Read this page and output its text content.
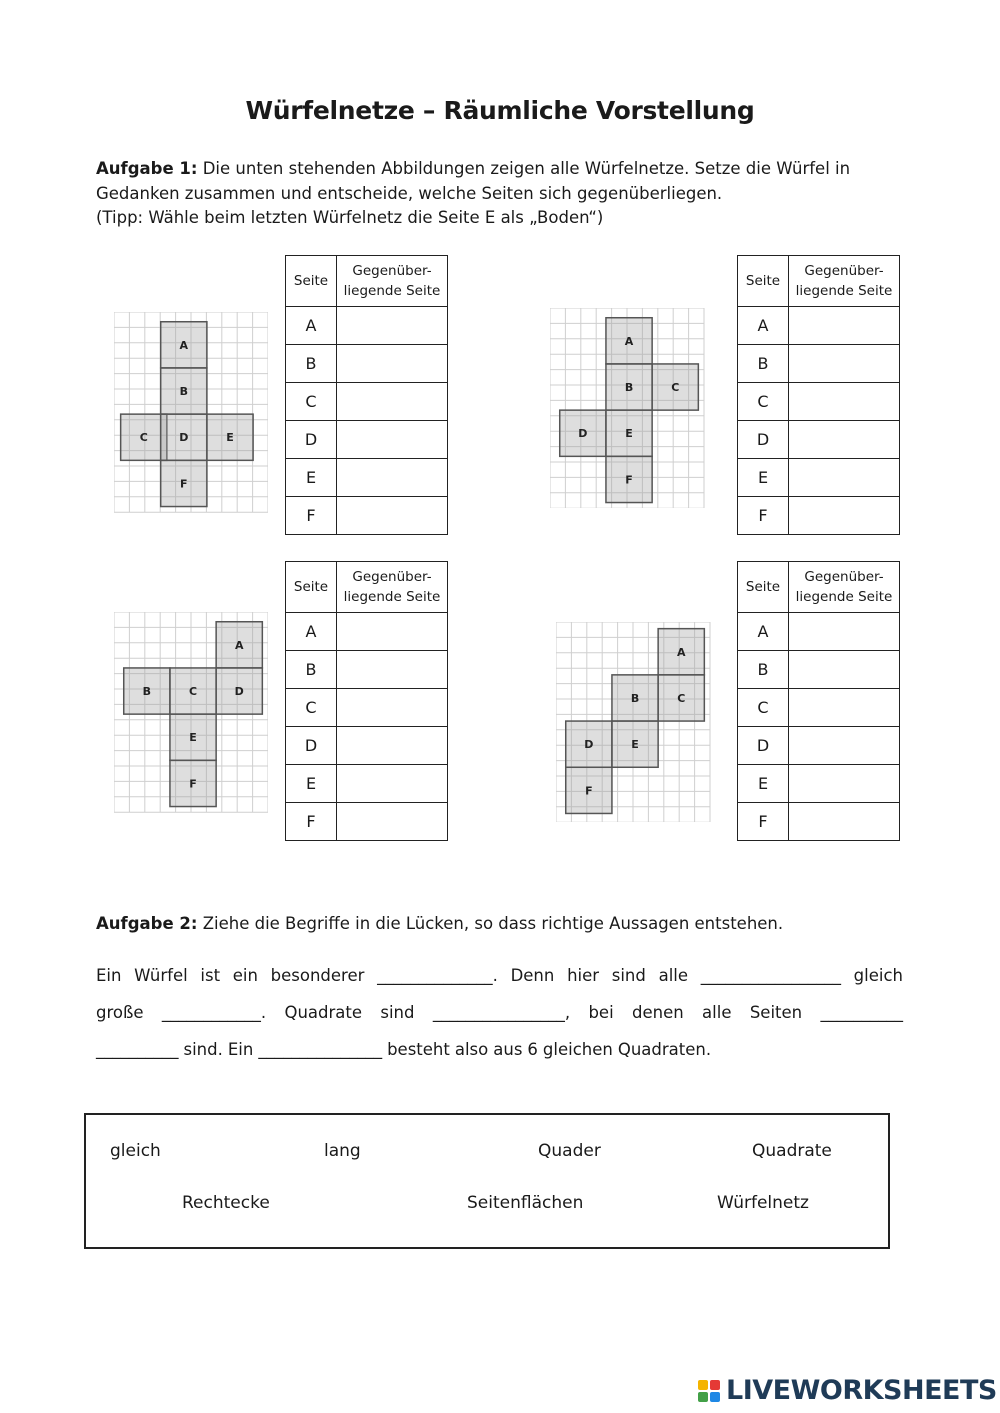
Würfelnetze – Räumliche Vorstellung
Aufgabe 1: Die unten stehenden Abbildungen zeigen alle Würfelnetze. Setze die Würfel in Gedanken zusammen und entscheide, welche Seiten sich gegenüberliegen.
(Tipp: Wähle beim letzten Würfelnetz die Seite E als „Boden“)
A
B
C	D	E
F
A
B	C
D	E
F
A
B	C	D
E
F
A
B	C
D	E
F
Seite	Gegenüber-
liegende Seite
A	
B	
C	
D	
E	
F	
Seite	Gegenüber-
liegende Seite
A	
B	
C	
D	
E	
F	
Seite	Gegenüber-
liegende Seite
A	
B	
C	
D	
E	
F	
Seite	Gegenüber-
liegende Seite
A	
B	
C	
D	
E	
F	
Aufgabe 2: Ziehe die Begriffe in die Lücken, so dass richtige Aussagen entstehen.
Ein Würfel ist ein besonderer ______________. Denn hier sind alle _________________ gleich
große ____________. Quadrate sind ________________, bei denen alle Seiten __________
__________ sind. Ein _______________ besteht also aus 6 gleichen Quadraten.
gleich	lang	Quader	Quadrate
Rechtecke	Seitenflächen	Würfelnetz
LIVEWORKSHEETS
